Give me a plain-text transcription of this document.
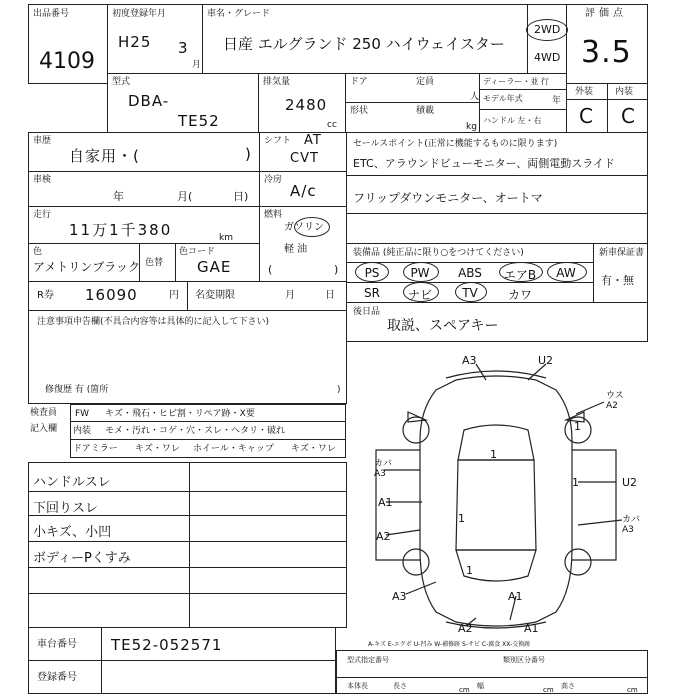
出品番号
4109
初度登録年月
H25 3
月
車名・グレード
日産 エルグランド 250 ハイウェイスター
2WD
4WD
評価点
3.5
型式
DBA-
TE52
排気量
2480
cc
ドア	定員
人
形状	積載
kg
ディーラー・並 行
モデル年式	年
ハンドル 左・右
外装 内装
C C
車歴
自家用・(	)
シフト AT
CVT
車検
年	月(	日)
冷房
A/c
走行
11万1千380	km
燃料
ガソリン
軽 油
(	)
色
アメトリンブラック 色替
色コード
GAE
R券 16090	円 名変期限	月	日
注意事項申告欄(不具合内容等は具体的に記入して下さい)
修復歴 有 (箇所	)
検査員
記入欄
FW キズ・飛石・ヒビ割・リペア跡・X要
内装 モメ・汚れ・コゲ・穴・スレ・ヘタリ・破れ
ドアミラー キズ・ワレ ホイール・キャップ キズ・ワレ
ハンドルスレ
下回りスレ
小キズ、小凹
ボディーPくすみ
車台番号 TE52-052571
登録番号
セールスポイント(正常に機能するものに限ります)
ETC、アラウンドビューモニター、両側電動スライド
フリップダウンモニター、オートマ
装備品 (純正品に限り○をつけてください)	新車保証書
有・無
PS	PW	ABS	エアB	AW
SR	ナビ	TV	カワ
後日品
取説、スペアキー
A3	U2
ウス A2
カバ A3
A1
A2
U2
カバ A3
A3	A1
A2	A1
1
1
1
1
1
A-キズ E-エクボ U-凹み W-補修跡 S-サビ C-腐食 XX-交換跡
型式指定番号	類別区分番号
本体長	長さ	cm 幅	cm 高さ	cm
